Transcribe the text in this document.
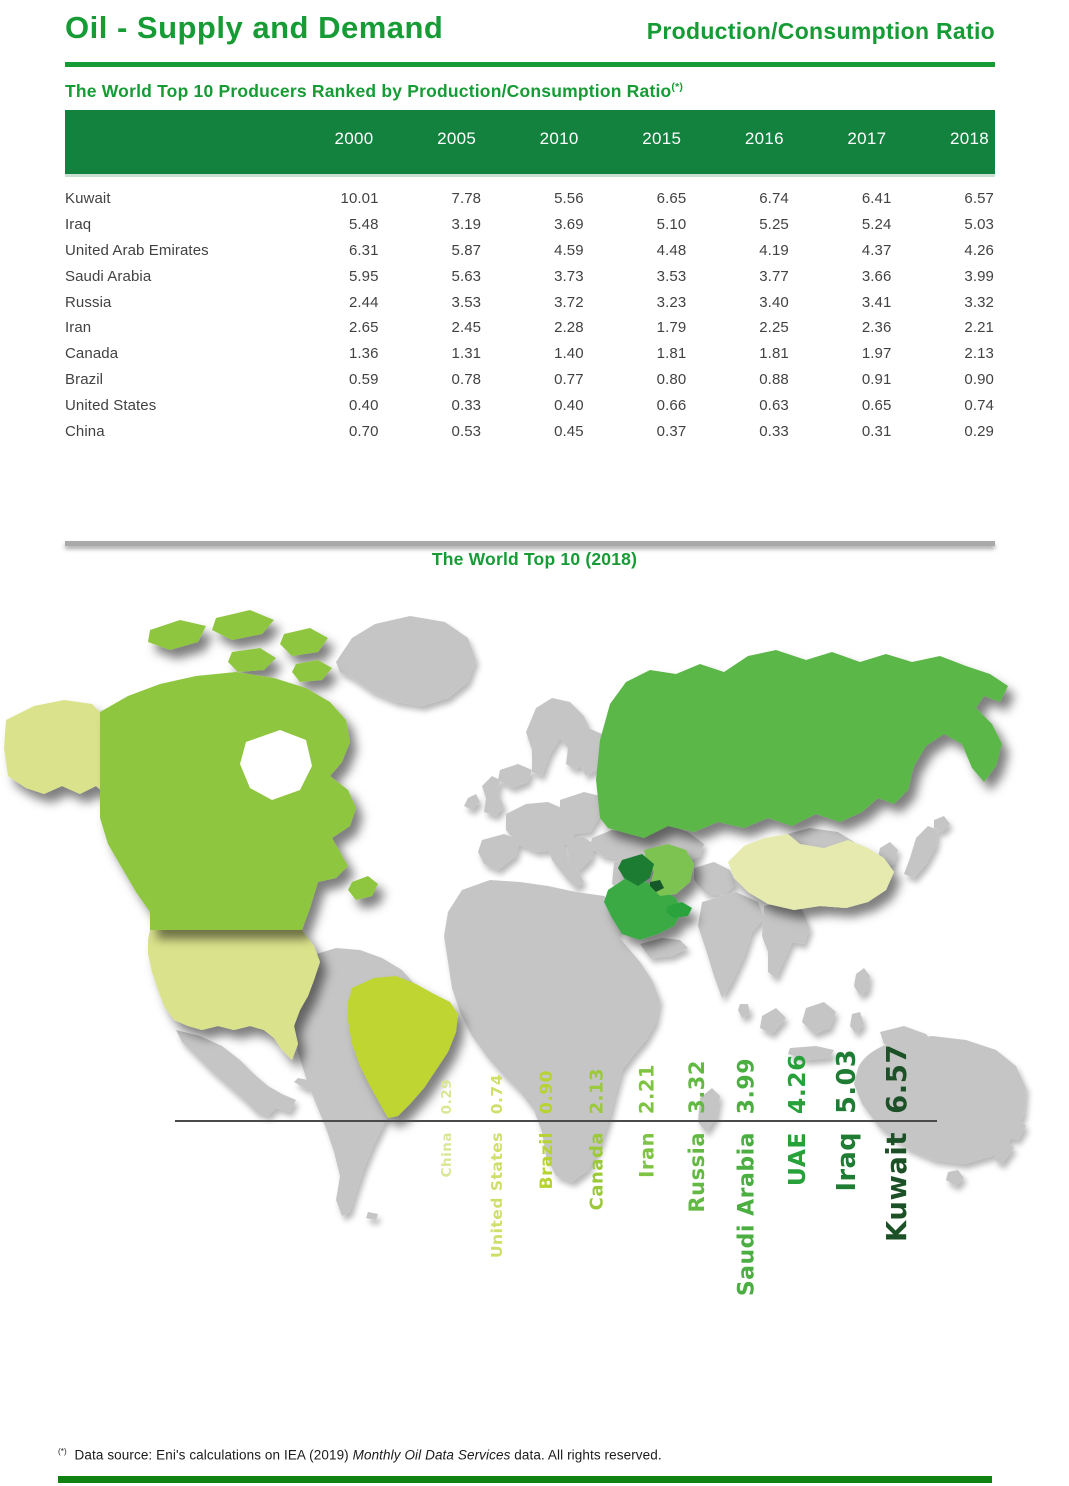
Oil - Supply and Demand	Production/Consumption Ratio
The World Top 10 Producers Ranked by Production/Consumption Ratio(*)
2000	2005	2010	2015	2016	2017	2018
Kuwait	10.01	7.78	5.56	6.65	6.74	6.41	6.57
Iraq	5.48	3.19	3.69	5.10	5.25	5.24	5.03
United Arab Emirates	6.31	5.87	4.59	4.48	4.19	4.37	4.26
Saudi Arabia	5.95	5.63	3.73	3.53	3.77	3.66	3.99
Russia	2.44	3.53	3.72	3.23	3.40	3.41	3.32
Iran	2.65	2.45	2.28	1.79	2.25	2.36	2.21
Canada	1.36	1.31	1.40	1.81	1.81	1.97	2.13
Brazil	0.59	0.78	0.77	0.80	0.88	0.91	0.90
United States	0.40	0.33	0.40	0.66	0.63	0.65	0.74
China	0.70	0.53	0.45	0.37	0.33	0.31	0.29
The World Top 10 (2018)
0.29
China
0.74
United States
0.90
Brazil
2.13
Canada
2.21
Iran
3.32
Russia
3.99
Saudi Arabia
4.26
UAE
5.03
Iraq
6.57
Kuwait
(*) Data source: Eni's calculations on IEA (2019) Monthly Oil Data Services data. All rights reserved.
